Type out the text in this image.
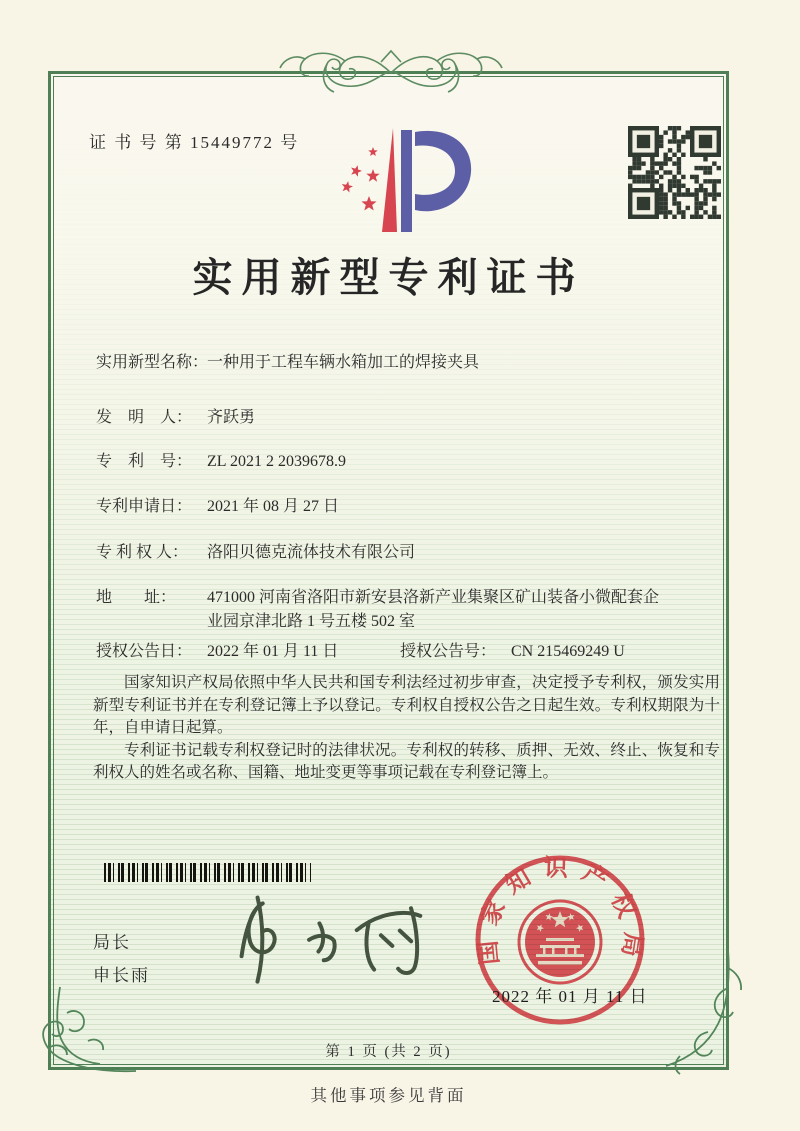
证 书 号 第 15449772 号
实用新型专利证书
实用新型名称：
一种用于工程车辆水箱加工的焊接夹具
发　明　人： 齐跃勇
专　利　号： ZL 2021 2 2039678.9
专利申请日： 2021 年 08 月 27 日
专 利 权 人：	洛阳贝德克流体技术有限公司
地　　址：	471000 河南省洛阳市新安县洛新产业集聚区矿山装备小微配套企业园京津北路 1 号五楼 502 室
授权公告日： 2022 年 01 月 11 日	授权公告号： CN 215469249 U

国家知识产权局依照中华人民共和国专利法经过初步审查，决定授予专利权，颁发实用新型专利证书并在专利登记簿上予以登记。专利权自授权公告之日起生效。专利权期限为十年，自申请日起算。

专利证书记载专利权登记时的法律状况。专利权的转移、质押、无效、终止、恢复和专利权人的姓名或名称、国籍、地址变更等事项记载在专利登记簿上。

局长
申长雨
国家知识产权局
2022 年 01 月 11 日
第 1 页 (共 2 页)
其他事项参见背面
